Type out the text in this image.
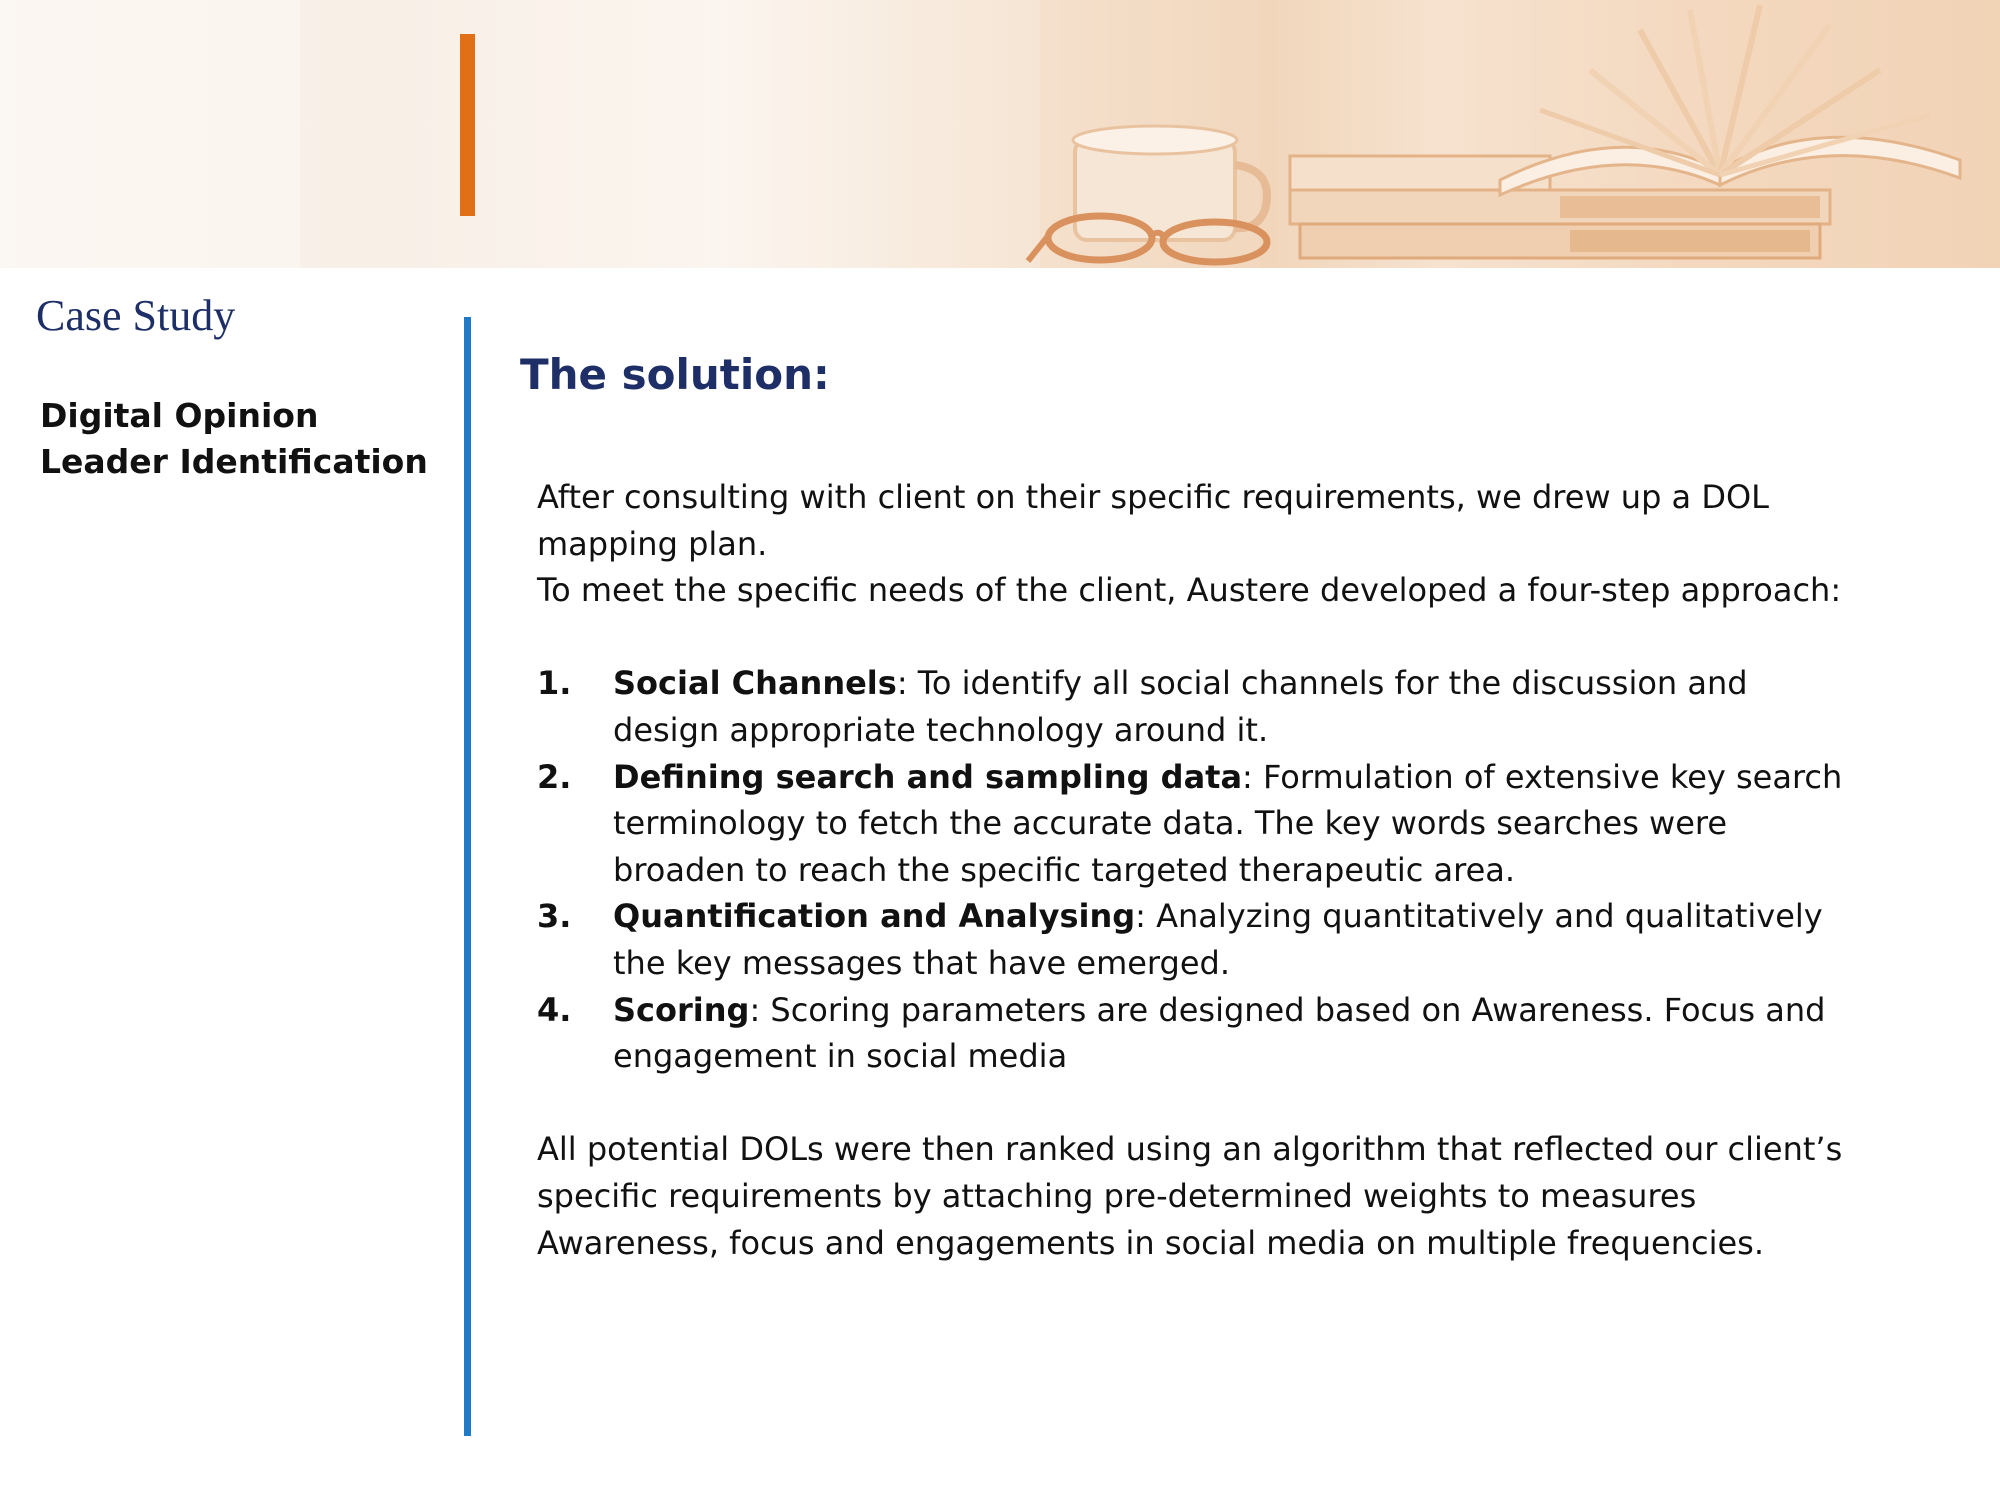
Case Study
Digital Opinion Leader Identification
The solution:

After consulting with client on their specific requirements, we drew up a DOL mapping plan.

To meet the specific needs of the client, Austere developed a four-step approach:

1.	Social Channels: To identify all social channels for the discussion and design appropriate technology around it.
2.	Defining search and sampling data: Formulation of extensive key search terminology to fetch the accurate data. The key words searches were broaden to reach the specific targeted therapeutic area.
3.	Quantification and Analysing: Analyzing quantitatively and qualitatively the key messages that have emerged.
4.	Scoring: Scoring parameters are designed based on Awareness. Focus and engagement in social media

All potential DOLs were then ranked using an algorithm that reflected our client’s specific requirements by attaching pre-determined weights to measures Awareness, focus and engagements in social media on multiple frequencies.
